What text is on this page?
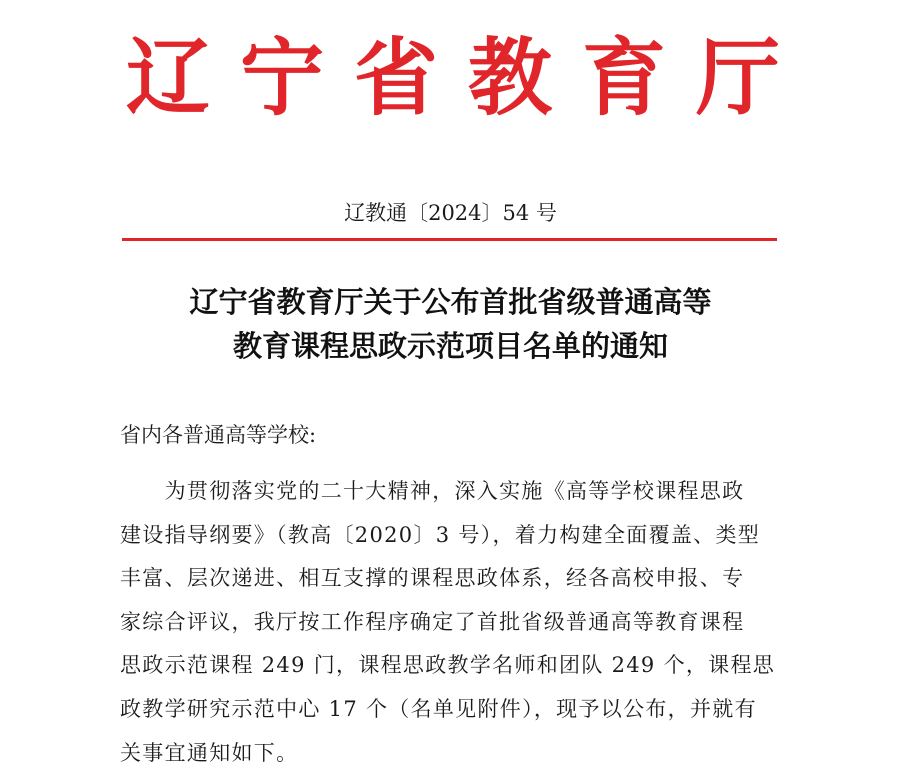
辽 宁 省 教 育 厅
辽教通〔2024〕54 号
辽宁省教育厅关于公布首批省级普通高等
教育课程思政示范项目名单的通知
省内各普通高等学校:
　　为贯彻落实党的二十大精神，深入实施《高等学校课程思政
建设指导纲要》（教高〔2020〕3 号），着力构建全面覆盖、类型
丰富、层次递进、相互支撑的课程思政体系，经各高校申报、专
家综合评议，我厅按工作程序确定了首批省级普通高等教育课程
思政示范课程 249 门，课程思政教学名师和团队 249 个，课程思
政教学研究示范中心 17 个（名单见附件），现予以公布，并就有
关事宜通知如下。
